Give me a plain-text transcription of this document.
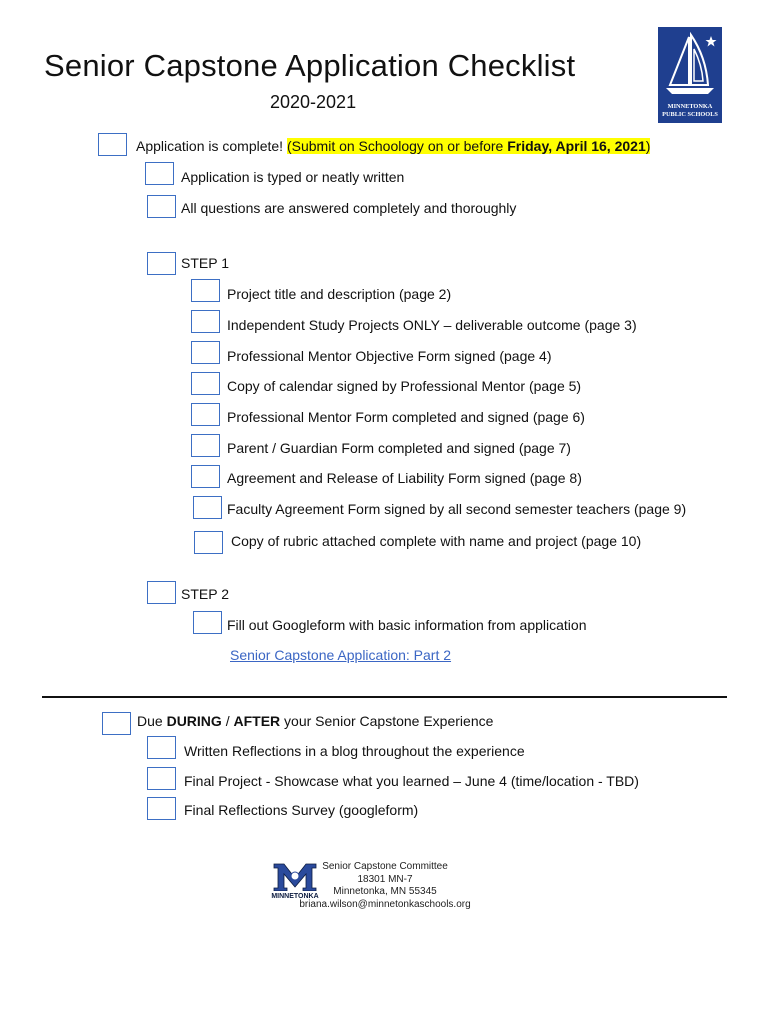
Senior Capstone Application Checklist
2020-2021	MINNETONKA
PUBLIC SCHOOLS
Application is complete! (Submit on Schoology on or before Friday, April 16, 2021)
Application is typed or neatly written
All questions are answered completely and thoroughly
STEP 1
Project title and description (page 2)
Independent Study Projects ONLY – deliverable outcome (page 3)
Professional Mentor Objective Form signed (page 4)
Copy of calendar signed by Professional Mentor (page 5)
Professional Mentor Form completed and signed (page 6)
Parent / Guardian Form completed and signed (page 7)
Agreement and Release of Liability Form signed (page 8)
Faculty Agreement Form signed by all second semester teachers (page 9)
Copy of rubric attached complete with name and project (page 10)
STEP 2
Fill out Googleform with basic information from application
Senior Capstone Application: Part 2
Due DURING / AFTER your Senior Capstone Experience
Written Reflections in a blog throughout the experience
Final Project - Showcase what you learned – June 4 (time/location - TBD)
Final Reflections Survey (googleform)
MINNETONKA
Senior Capstone Committee
18301 MN-7
Minnetonka, MN 55345
briana.wilson@minnetonkaschools.org
